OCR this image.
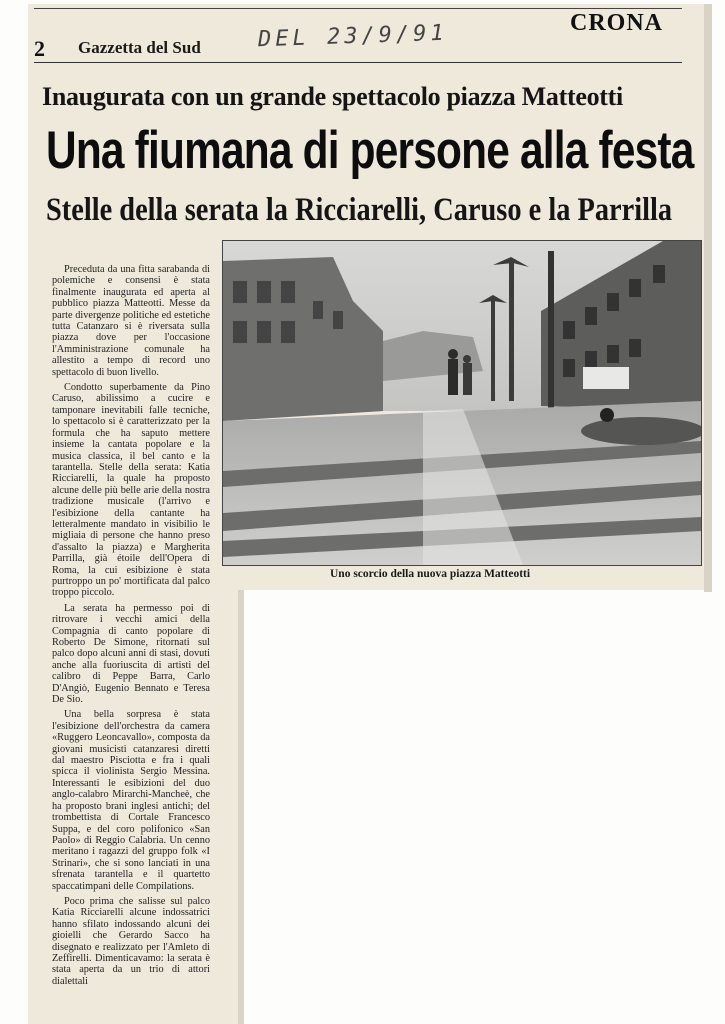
2 Gazzetta del Sud	DEL 23/9/91	CRONA
Inaugurata con un grande spettacolo piazza Matteotti
Una fiumana di persone alla festa
Stelle della serata la Ricciarelli, Caruso e la Parrilla

Preceduta da una fitta sarabanda di polemiche e consensi è stata finalmente inaugurata ed aperta al pubblico piazza Matteotti. Messe da parte divergenze politiche ed estetiche tutta Catanzaro si è riversata sulla piazza dove per l'occasione l'Amministrazione comunale ha allestito a tempo di record uno spettacolo di buon livello.

Condotto superbamente da Pino Caruso, abilissimo a cucire e tamponare inevitabili falle tecniche, lo spettacolo si è caratterizzato per la formula che ha saputo mettere insieme la cantata popolare e la musica classica, il bel canto e la tarantella. Stelle della serata: Katia Ricciarelli, la quale ha proposto alcune delle più belle arie della nostra tradizione musicale (l'arrivo e l'esibizione della cantante ha letteralmente mandato in visibilio le migliaia di persone che hanno preso d'assalto la piazza) e Margherita Parrilla, già étoile dell'Opera di Roma, la cui esibizione è stata purtroppo un po' mortificata dal palco troppo piccolo.

La serata ha permesso poi di ritrovare i vecchi amici della Compagnia di canto popolare di Roberto De Simone, ritornati sul palco dopo alcuni anni di stasi, dovuti anche alla fuoriuscita di artisti del calibro di Peppe Barra, Carlo D'Angiò, Eugenio Bennato e Teresa De Sio.

Una bella sorpresa è stata l'esibizione dell'orchestra da camera «Ruggero Leoncavallo», composta da giovani musicisti catanzaresi diretti dal maestro Pisciotta e fra i quali spicca il violinista Sergio Messina. Interessanti le esibizioni del duo anglo-calabro Mirarchi-Mancheè, che ha proposto brani inglesi antichi; del trombettista di Cortale Francesco Suppa, e del coro polifonico «San Paolo» di Reggio Calabria. Un cenno meritano i ragazzi del gruppo folk «I Strinari», che si sono lanciati in una sfrenata tarantella e il quartetto spaccatimpani delle Compilations.

Poco prima che salisse sul palco Katia Ricciarelli alcune indossatrici hanno sfilato indossando alcuni dei gioielli che Gerardo Sacco ha disegnato e realizzato per l'Amleto di Zeffirelli. Dimenticavamo: la serata è stata aperta da un trio di attori dialettali

Uno scorcio della nuova piazza Matteotti
